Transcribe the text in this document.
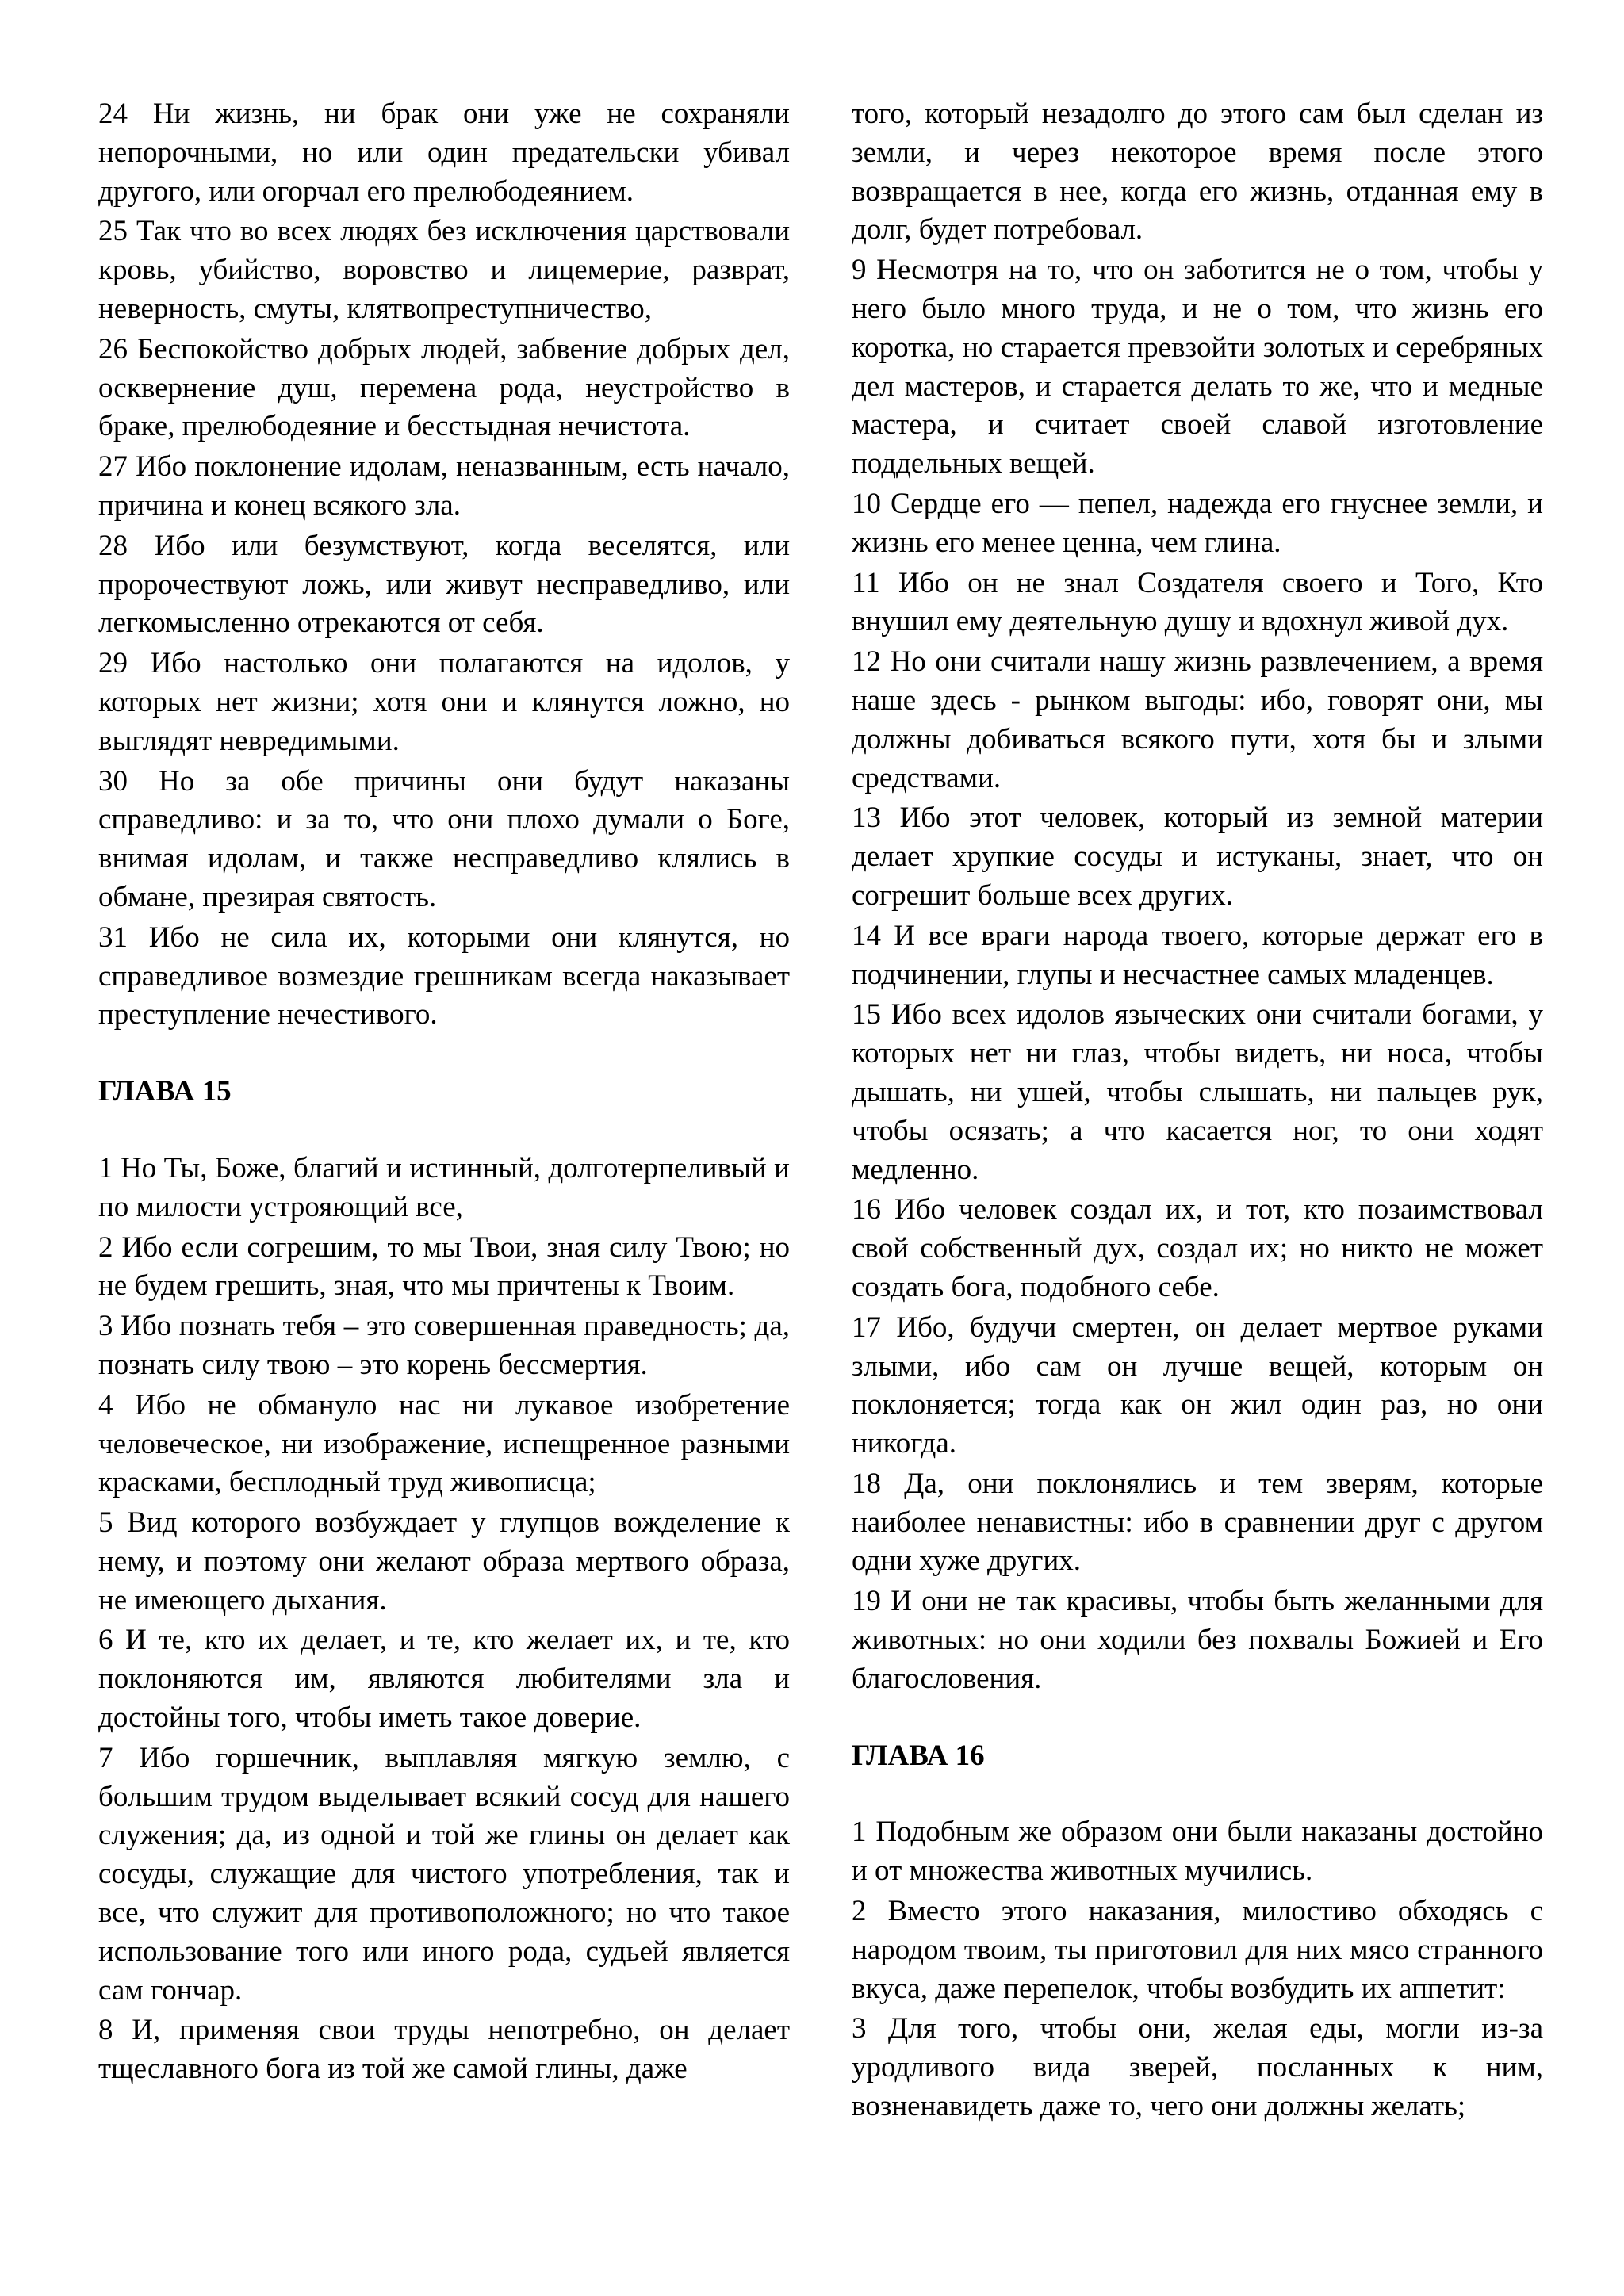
24 Ни жизнь, ни брак они уже не сохраняли непорочными, но или один предательски убивал другого, или огорчал его прелюбодеянием.

25 Так что во всех людях без исключения царствовали кровь, убийство, воровство и лицемерие, разврат, неверность, смуты, клятвопреступничество,

26 Беспокойство добрых людей, забвение добрых дел, осквернение душ, перемена рода, неустройство в браке, прелюбодеяние и бесстыдная нечистота.

27 Ибо поклонение идолам, неназванным, есть начало, причина и конец всякого зла.

28 Ибо или безумствуют, когда веселятся, или пророчествуют ложь, или живут несправедливо, или легкомысленно отрекаются от себя.

29 Ибо настолько они полагаются на идолов, у которых нет жизни; хотя они и клянутся ложно, но выглядят невредимыми.

30 Но за обе причины они будут наказаны справедливо: и за то, что они плохо думали о Боге, внимая идолам, и также несправедливо клялись в обмане, презирая святость.

31 Ибо не сила их, которыми они клянутся, но справедливое возмездие грешникам всегда наказывает преступление нечестивого.

ГЛАВА 15

1 Но Ты, Боже, благий и истинный, долготерпеливый и по милости устрояющий все,

2 Ибо если согрешим, то мы Твои, зная силу Твою; но не будем грешить, зная, что мы причтены к Твоим.

3 Ибо познать тебя – это совершенная праведность; да, познать силу твою – это корень бессмертия.

4 Ибо не обмануло нас ни лукавое изобретение человеческое, ни изображение, испещренное разными красками, бесплодный труд живописца;

5 Вид которого возбуждает у глупцов вожделение к нему, и поэтому они желают образа мертвого образа, не имеющего дыхания.

6 И те, кто их делает, и те, кто желает их, и те, кто поклоняются им, являются любителями зла и достойны того, чтобы иметь такое доверие.

7 Ибо горшечник, выплавляя мягкую землю, с большим трудом выделывает всякий сосуд для нашего служения; да, из одной и той же глины он делает как сосуды, служащие для чистого употребления, так и все, что служит для противоположного; но что такое использование того или иного рода, судьей является сам гончар.

8 И, применяя свои труды непотребно, он делает тщеславного бога из той же самой глины, даже

того, который незадолго до этого сам был сделан из земли, и через некоторое время после этого возвращается в нее, когда его жизнь, отданная ему в долг, будет потребовал.

9 Несмотря на то, что он заботится не о том, чтобы у него было много труда, и не о том, что жизнь его коротка, но старается превзойти золотых и серебряных дел мастеров, и старается делать то же, что и медные мастера, и считает своей славой изготовление поддельных вещей.

10 Сердце его — пепел, надежда его гнуснее земли, и жизнь его менее ценна, чем глина.

11 Ибо он не знал Создателя своего и Того, Кто внушил ему деятельную душу и вдохнул живой дух.

12 Но они считали нашу жизнь развлечением, а время наше здесь - рынком выгоды: ибо, говорят они, мы должны добиваться всякого пути, хотя бы и злыми средствами.

13 Ибо этот человек, который из земной материи делает хрупкие сосуды и истуканы, знает, что он согрешит больше всех других.

14 И все враги народа твоего, которые держат его в подчинении, глупы и несчастнее самых младенцев.

15 Ибо всех идолов языческих они считали богами, у которых нет ни глаз, чтобы видеть, ни носа, чтобы дышать, ни ушей, чтобы слышать, ни пальцев рук, чтобы осязать; а что касается ног, то они ходят медленно.

16 Ибо человек создал их, и тот, кто позаимствовал свой собственный дух, создал их; но никто не может создать бога, подобного себе.

17 Ибо, будучи смертен, он делает мертвое руками злыми, ибо сам он лучше вещей, которым он поклоняется; тогда как он жил один раз, но они никогда.

18 Да, они поклонялись и тем зверям, которые наиболее ненавистны: ибо в сравнении друг с другом одни хуже других.

19 И они не так красивы, чтобы быть желанными для животных: но они ходили без похвалы Божией и Его благословения.

ГЛАВА 16

1 Подобным же образом они были наказаны достойно и от множества животных мучились.

2 Вместо этого наказания, милостиво обходясь с народом твоим, ты приготовил для них мясо странного вкуса, даже перепелок, чтобы возбудить их аппетит:

3 Для того, чтобы они, желая еды, могли из-за уродливого вида зверей, посланных к ним, возненавидеть даже то, чего они должны желать;
